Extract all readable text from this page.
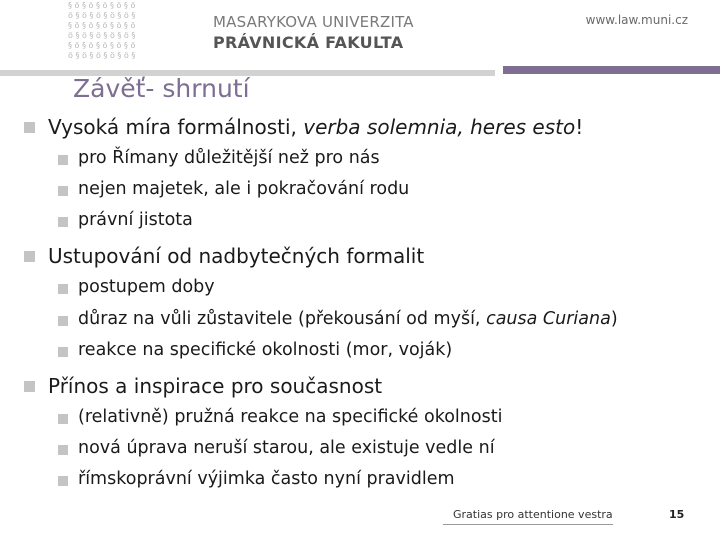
§ ö § ö § ö § ö § ö
ö § ö § ö § ö § ö §
§ ö § ö § ö § ö § ö
ö § ö § ö § ö § ö §
§ ö § ö § ö § ö § ö
ö § ö § ö § ö § ö §
MASARYKOVA UNIVERZITA
PRÁVNICKÁ FAKULTA
www.law.muni.cz
Závěť- shrnutí
Vysoká míra formálnosti, verba solemnia, heres esto!
pro Římany důležitější než pro nás
nejen majetek, ale i pokračování rodu
právní jistota
Ustupování od nadbytečných formalit
postupem doby
důraz na vůli zůstavitele (překousání od myší, causa Curiana)
reakce na specifické okolnosti (mor, voják)
Přínos a inspirace pro současnost
(relativně) pružná reakce na specifické okolnosti
nová úprava neruší starou, ale existuje vedle ní
římskoprávní výjimka často nyní pravidlem
Gratias pro attentione vestra	15
